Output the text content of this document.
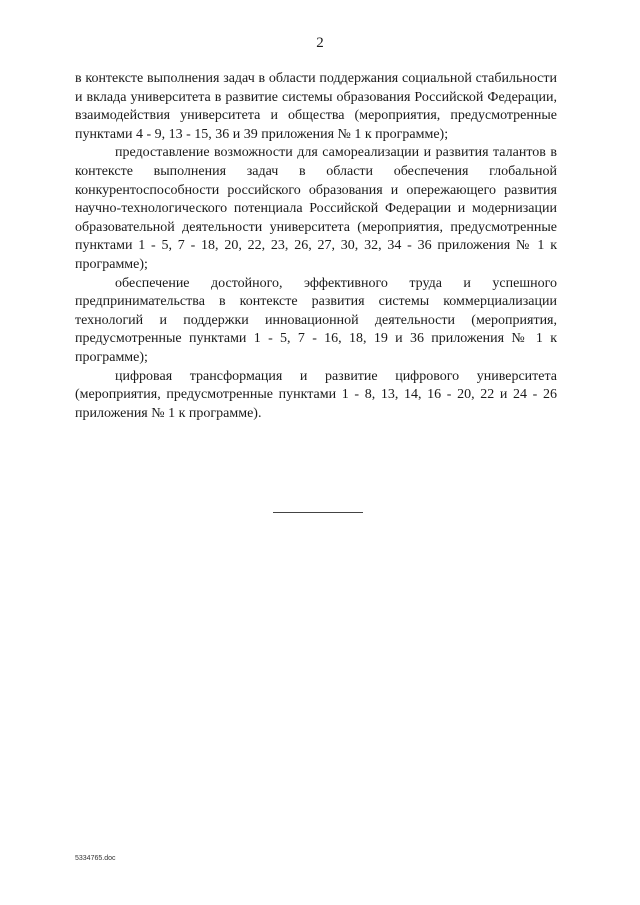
2

в контексте выполнения задач в области поддержания социальной стабильности и вклада университета в развитие системы образования Российской Федерации, взаимодействия университета и общества (мероприятия, предусмотренные пунктами 4 - 9, 13 - 15, 36 и 39 приложения № 1 к программе);

предоставление возможности для самореализации и развития талантов в контексте выполнения задач в области обеспечения глобальной конкурентоспособности российского образования и опережающего развития научно-технологического потенциала Российской Федерации и модернизации образовательной деятельности университета (мероприятия, предусмотренные пунктами 1 - 5, 7 - 18, 20, 22, 23, 26, 27, 30, 32, 34 - 36 приложения № 1 к программе);

обеспечение достойного, эффективного труда и успешного предпринимательства в контексте развития системы коммерциализации технологий и поддержки инновационной деятельности (мероприятия, предусмотренные пунктами 1 - 5, 7 - 16, 18, 19 и 36 приложения № 1 к программе);

цифровая трансформация и развитие цифрового университета (мероприятия, предусмотренные пунктами 1 - 8, 13, 14, 16 - 20, 22 и 24 - 26 приложения № 1 к программе).

5334765.doc
